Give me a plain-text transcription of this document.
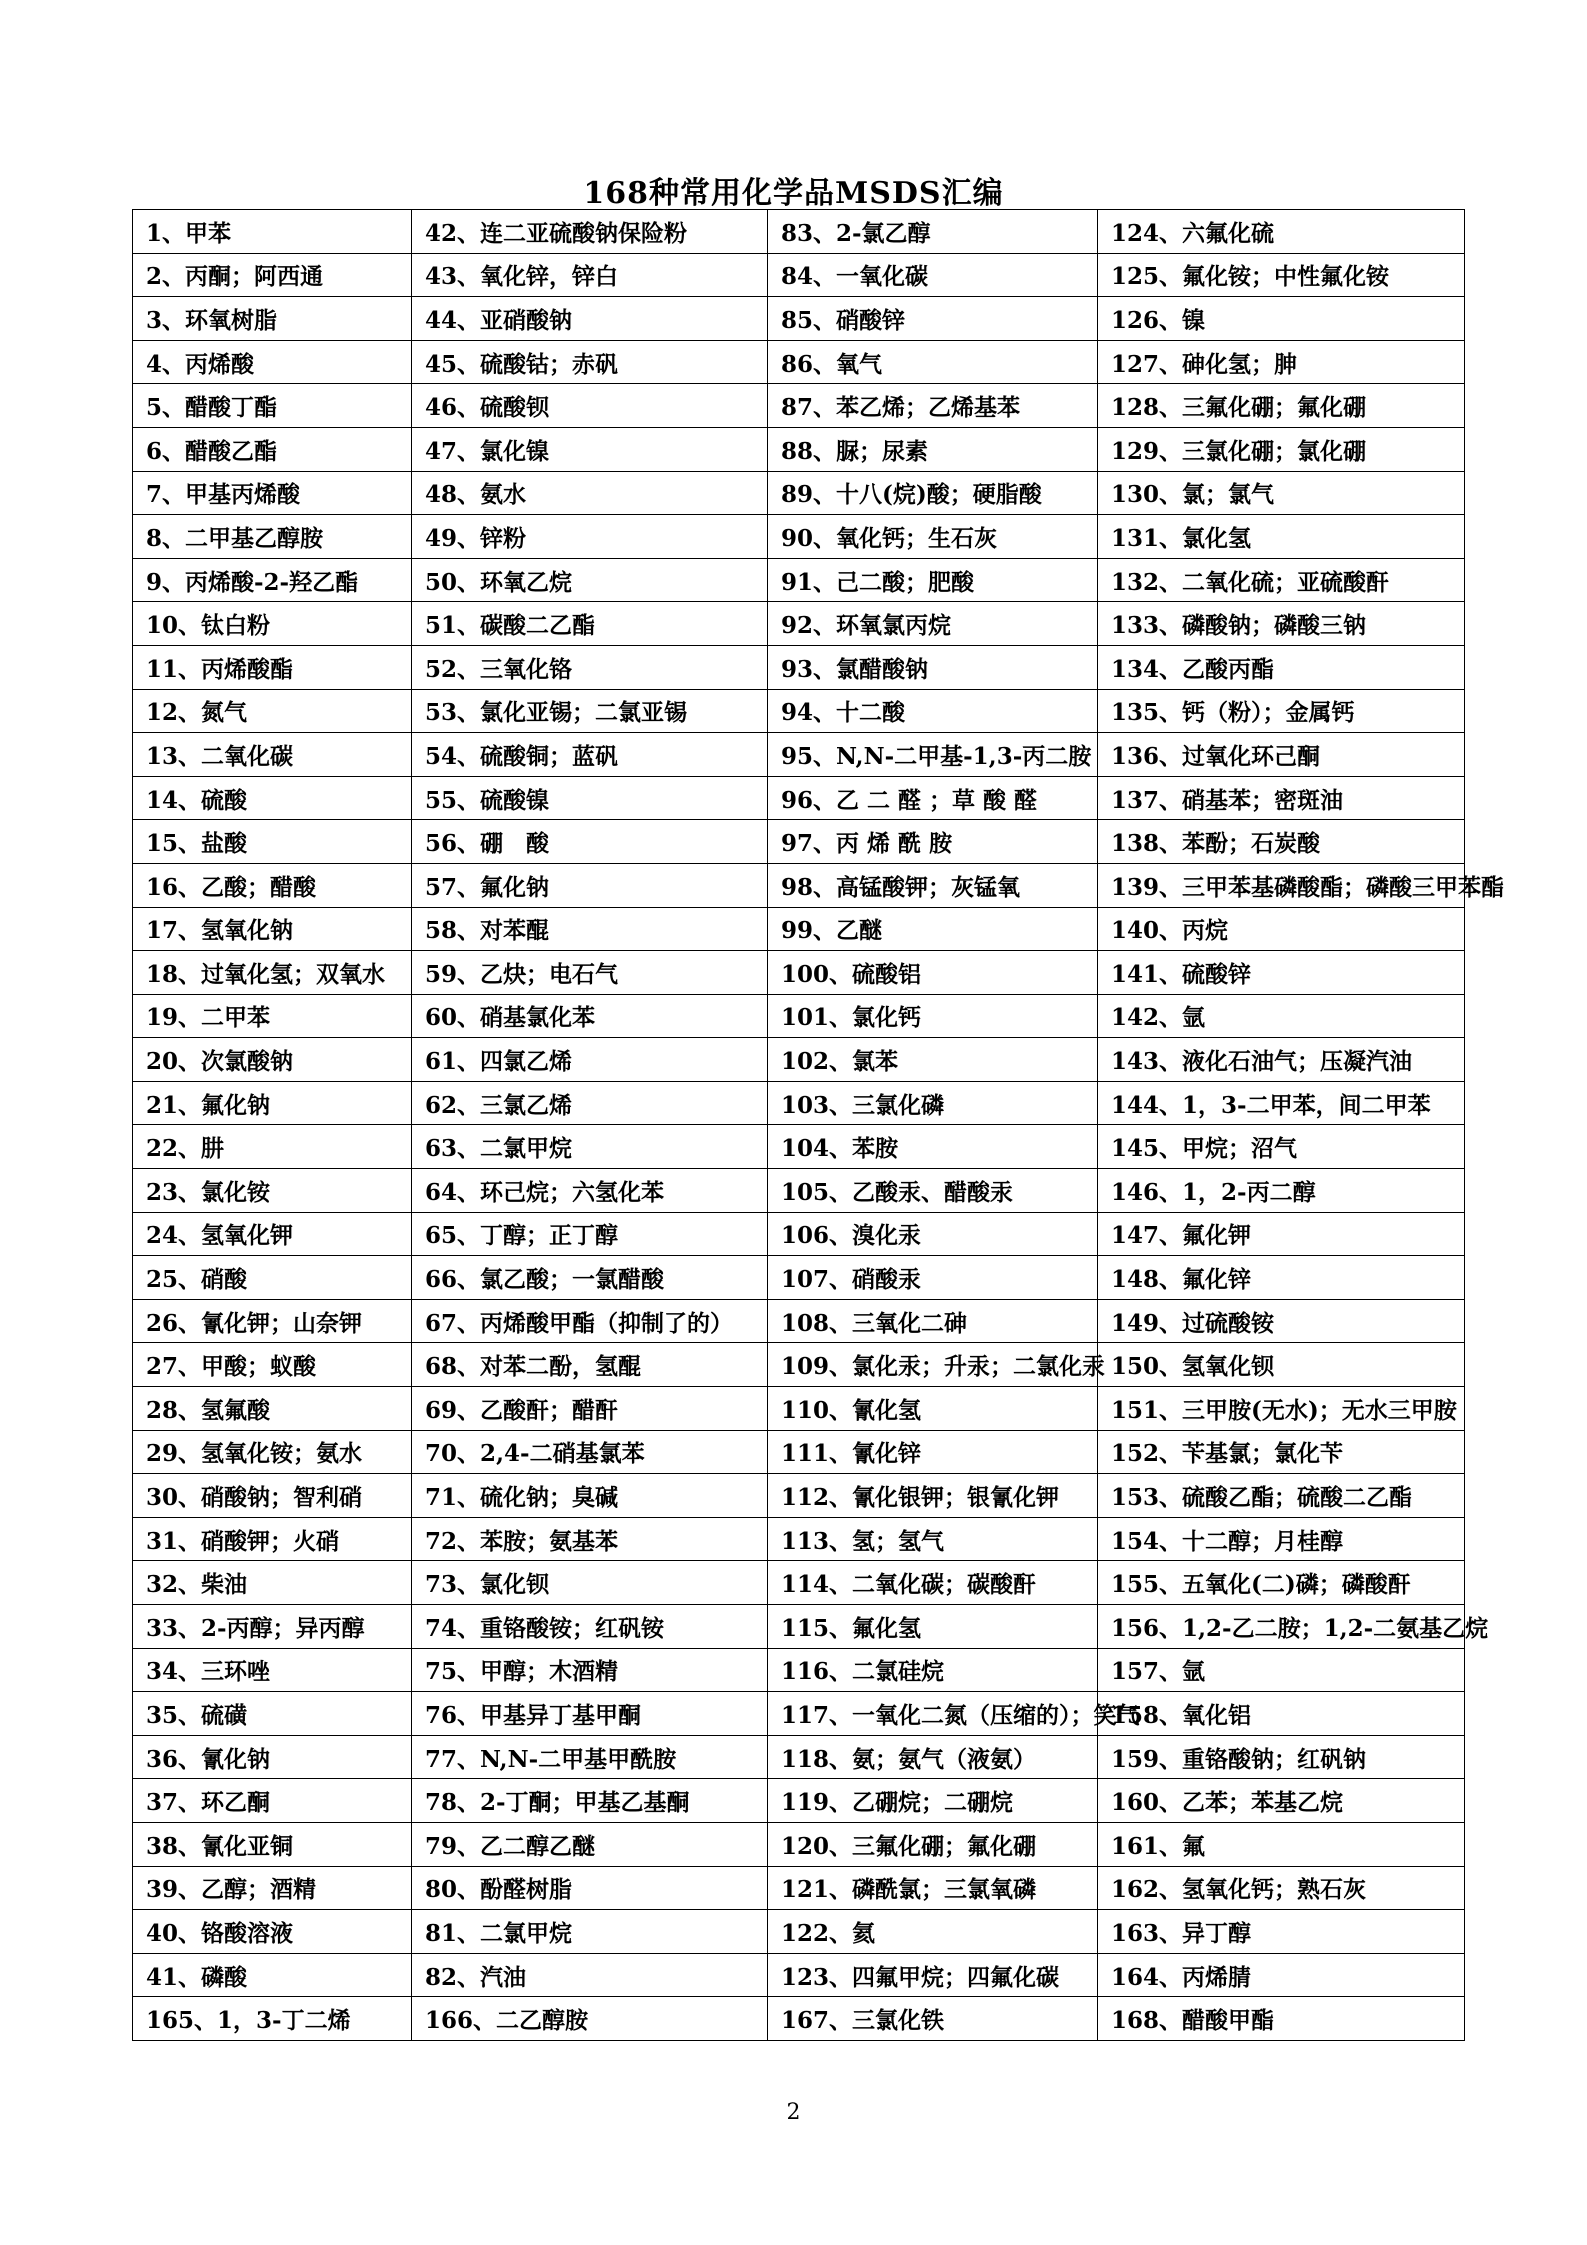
168种常用化学品MSDS汇编
1、甲苯	42、连二亚硫酸钠保险粉	83、2-氯乙醇	124、六氟化硫
2、丙酮；阿西通	43、氧化锌，锌白	84、一氧化碳	125、氟化铵；中性氟化铵
3、环氧树脂	44、亚硝酸钠	85、硝酸锌	126、镍
4、丙烯酸	45、硫酸钴；赤矾	86、氧气	127、砷化氢；胂
5、醋酸丁酯	46、硫酸钡	87、苯乙烯；乙烯基苯	128、三氟化硼；氟化硼
6、醋酸乙酯	47、氯化镍	88、脲；尿素	129、三氯化硼；氯化硼
7、甲基丙烯酸	48、氨水	89、十八(烷)酸；硬脂酸	130、氯；氯气
8、二甲基乙醇胺	49、锌粉	90、氧化钙；生石灰	131、氯化氢
9、丙烯酸-2-羟乙酯	50、环氧乙烷	91、己二酸；肥酸	132、二氧化硫；亚硫酸酐
10、钛白粉	51、碳酸二乙酯	92、环氧氯丙烷	133、磷酸钠；磷酸三钠
11、丙烯酸酯	52、三氧化铬	93、氯醋酸钠	134、乙酸丙酯
12、氮气	53、氯化亚锡；二氯亚锡	94、十二酸	135、钙（粉）；金属钙
13、二氧化碳	54、硫酸铜；蓝矾	95、N,N-二甲基-1,3-丙二胺	136、过氧化环己酮
14、硫酸	55、硫酸镍	96、乙 二 醛 ；草 酸 醛	137、硝基苯；密斑油
15、盐酸	56、硼　酸	97、丙 烯 酰 胺	138、苯酚；石炭酸
16、乙酸；醋酸	57、氟化钠	98、高锰酸钾；灰锰氧	139、三甲苯基磷酸酯；磷酸三甲苯酯
17、氢氧化钠	58、对苯醌	99、乙醚	140、丙烷
18、过氧化氢；双氧水	59、乙炔；电石气	100、硫酸铝	141、硫酸锌
19、二甲苯	60、硝基氯化苯	101、氯化钙	142、氩
20、次氯酸钠	61、四氯乙烯	102、氯苯	143、液化石油气；压凝汽油
21、氟化钠	62、三氯乙烯	103、三氯化磷	144、1，3-二甲苯，间二甲苯
22、肼	63、二氯甲烷	104、苯胺	145、甲烷；沼气
23、氯化铵	64、环己烷；六氢化苯	105、乙酸汞、醋酸汞	146、1，2-丙二醇
24、氢氧化钾	65、丁醇；正丁醇	106、溴化汞	147、氟化钾
25、硝酸	66、氯乙酸；一氯醋酸	107、硝酸汞	148、氟化锌
26、氰化钾；山奈钾	67、丙烯酸甲酯（抑制了的）	108、三氧化二砷	149、过硫酸铵
27、甲酸；蚁酸	68、对苯二酚，氢醌	109、氯化汞；升汞；二氯化汞	150、氢氧化钡
28、氢氟酸	69、乙酸酐；醋酐	110、氰化氢	151、三甲胺(无水)；无水三甲胺
29、氢氧化铵；氨水	70、2,4-二硝基氯苯	111、氰化锌	152、苄基氯；氯化苄
30、硝酸钠；智利硝	71、硫化钠；臭碱	112、氰化银钾；银氰化钾	153、硫酸乙酯；硫酸二乙酯
31、硝酸钾；火硝	72、苯胺；氨基苯	113、氢；氢气	154、十二醇；月桂醇
32、柴油	73、氯化钡	114、二氧化碳；碳酸酐	155、五氧化(二)磷；磷酸酐
33、2-丙醇；异丙醇	74、重铬酸铵；红矾铵	115、氟化氢	156、1,2-乙二胺；1,2-二氨基乙烷
34、三环唑	75、甲醇；木酒精	116、二氯硅烷	157、氩
35、硫磺	76、甲基异丁基甲酮	117、一氧化二氮（压缩的）；笑气	158、氧化铝
36、氰化钠	77、N,N-二甲基甲酰胺	118、氨；氨气（液氨）	159、重铬酸钠；红矾钠
37、环乙酮	78、2-丁酮；甲基乙基酮	119、乙硼烷；二硼烷	160、乙苯；苯基乙烷
38、氰化亚铜	79、乙二醇乙醚	120、三氟化硼；氟化硼	161、氟
39、乙醇；酒精	80、酚醛树脂	121、磷酰氯；三氯氧磷	162、氢氧化钙；熟石灰
40、铬酸溶液	81、二氯甲烷	122、氦	163、异丁醇
41、磷酸	82、汽油	123、四氟甲烷；四氟化碳	164、丙烯腈
165、1，3-丁二烯	166、二乙醇胺	167、三氯化铁	168、醋酸甲酯
2
